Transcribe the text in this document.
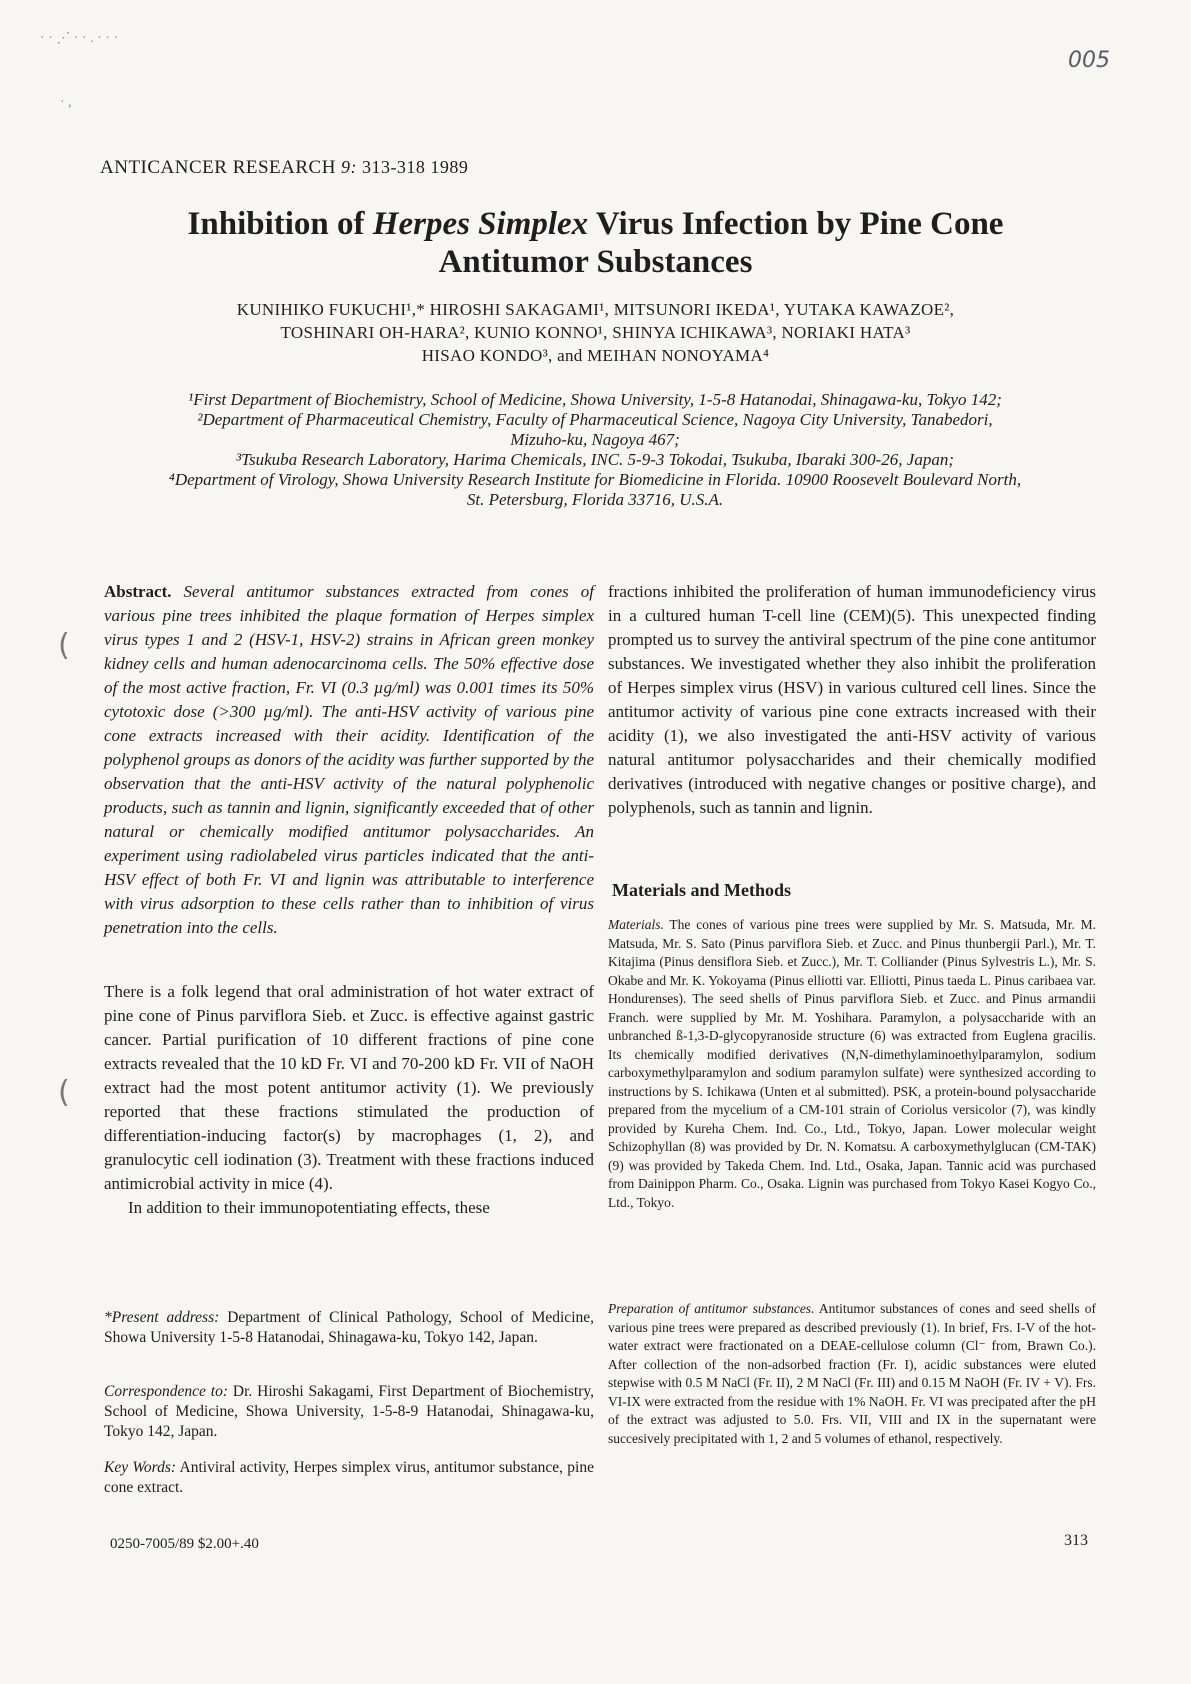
· · ⋰ · · . · · ·
· ,
005
ANTICANCER RESEARCH 9: 313-318 1989
Inhibition of Herpes Simplex Virus Infection by Pine Cone
Antitumor Substances
KUNIHIKO FUKUCHI¹,* HIROSHI SAKAGAMI¹, MITSUNORI IKEDA¹, YUTAKA KAWAZOE²,
TOSHINARI OH-HARA², KUNIO KONNO¹, SHINYA ICHIKAWA³, NORIAKI HATA³
HISAO KONDO³, and MEIHAN NONOYAMA⁴
¹First Department of Biochemistry, School of Medicine, Showa University, 1-5-8 Hatanodai, Shinagawa-ku, Tokyo 142;
²Department of Pharmaceutical Chemistry, Faculty of Pharmaceutical Science, Nagoya City University, Tanabedori,
Mizuho-ku, Nagoya 467;
³Tsukuba Research Laboratory, Harima Chemicals, INC. 5-9-3 Tokodai, Tsukuba, Ibaraki 300-26, Japan;
⁴Department of Virology, Showa University Research Institute for Biomedicine in Florida. 10900 Roosevelt Boulevard North,
St. Petersburg, Florida 33716, U.S.A.
(
(
Abstract. Several antitumor substances extracted from cones of various pine trees inhibited the plaque formation of Herpes simplex virus types 1 and 2 (HSV-1, HSV-2) strains in African green monkey kidney cells and human adenocarcinoma cells. The 50% effective dose of the most active fraction, Fr. VI (0.3 µg/ml) was 0.001 times its 50% cytotoxic dose (>300 µg/ml). The anti-HSV activity of various pine cone extracts increased with their acidity. Identification of the polyphenol groups as donors of the acidity was further supported by the observation that the anti-HSV activity of the natural polyphenolic products, such as tannin and lignin, significantly exceeded that of other natural or chemically modified antitumor polysaccharides. An experiment using radiolabeled virus particles indicated that the anti-HSV effect of both Fr. VI and lignin was attributable to interference with virus adsorption to these cells rather than to inhibition of virus penetration into the cells.

There is a folk legend that oral administration of hot water extract of pine cone of Pinus parviflora Sieb. et Zucc. is effective against gastric cancer. Partial purification of 10 different fractions of pine cone extracts revealed that the 10 kD Fr. VI and 70-200 kD Fr. VII of NaOH extract had the most potent antitumor activity (1). We previously reported that these fractions stimulated the production of differentiation-inducing factor(s) by macrophages (1, 2), and granulocytic cell iodination (3). Treatment with these fractions induced antimicrobial activity in mice (4).

In addition to their immunopotentiating effects, these

*Present address: Department of Clinical Pathology, School of Medicine, Showa University 1-5-8 Hatanodai, Shinagawa-ku, Tokyo 142, Japan.
Correspondence to: Dr. Hiroshi Sakagami, First Department of Biochemistry, School of Medicine, Showa University, 1-5-8-9 Hatanodai, Shinagawa-ku, Tokyo 142, Japan.
Key Words: Antiviral activity, Herpes simplex virus, antitumor substance, pine cone extract.
fractions inhibited the proliferation of human immunodeficiency virus in a cultured human T-cell line (CEM)(5). This unexpected finding prompted us to survey the antiviral spectrum of the pine cone antitumor substances. We investigated whether they also inhibit the proliferation of Herpes simplex virus (HSV) in various cultured cell lines. Since the antitumor activity of various pine cone extracts increased with their acidity (1), we also investigated the anti-HSV activity of various natural antitumor polysaccharides and their chemically modified derivatives (introduced with negative changes or positive charge), and polyphenols, such as tannin and lignin.
Materials and Methods
Materials. The cones of various pine trees were supplied by Mr. S. Matsuda, Mr. M. Matsuda, Mr. S. Sato (Pinus parviflora Sieb. et Zucc. and Pinus thunbergii Parl.), Mr. T. Kitajima (Pinus densiflora Sieb. et Zucc.), Mr. T. Colliander (Pinus Sylvestris L.), Mr. S. Okabe and Mr. K. Yokoyama (Pinus elliotti var. Elliotti, Pinus taeda L. Pinus caribaea var. Hondurenses). The seed shells of Pinus parviflora Sieb. et Zucc. and Pinus armandii Franch. were supplied by Mr. M. Yoshihara. Paramylon, a polysaccharide with an unbranched ß-1,3-D-glycopyranoside structure (6) was extracted from Euglena gracilis. Its chemically modified derivatives (N,N-dimethylaminoethylparamylon, sodium carboxymethylparamylon and sodium paramylon sulfate) were synthesized according to instructions by S. Ichikawa (Unten et al submitted). PSK, a protein-bound polysaccharide prepared from the mycelium of a CM-101 strain of Coriolus versicolor (7), was kindly provided by Kureha Chem. Ind. Co., Ltd., Tokyo, Japan. Lower molecular weight Schizophyllan (8) was provided by Dr. N. Komatsu. A carboxymethylglucan (CM-TAK)(9) was provided by Takeda Chem. Ind. Ltd., Osaka, Japan. Tannic acid was purchased from Dainippon Pharm. Co., Osaka. Lignin was purchased from Tokyo Kasei Kogyo Co., Ltd., Tokyo.
Preparation of antitumor substances. Antitumor substances of cones and seed shells of various pine trees were prepared as described previously (1). In brief, Frs. I-V of the hot-water extract were fractionated on a DEAE-cellulose column (Cl⁻ from, Brawn Co.). After collection of the non-adsorbed fraction (Fr. I), acidic substances were eluted stepwise with 0.5 M NaCl (Fr. II), 2 M NaCl (Fr. III) and 0.15 M NaOH (Fr. IV + V). Frs. VI-IX were extracted from the residue with 1% NaOH. Fr. VI was precipated after the pH of the extract was adjusted to 5.0. Frs. VII, VIII and IX in the supernatant were succesively precipitated with 1, 2 and 5 volumes of ethanol, respectively.
0250-7005/89 $2.00+.40	313
